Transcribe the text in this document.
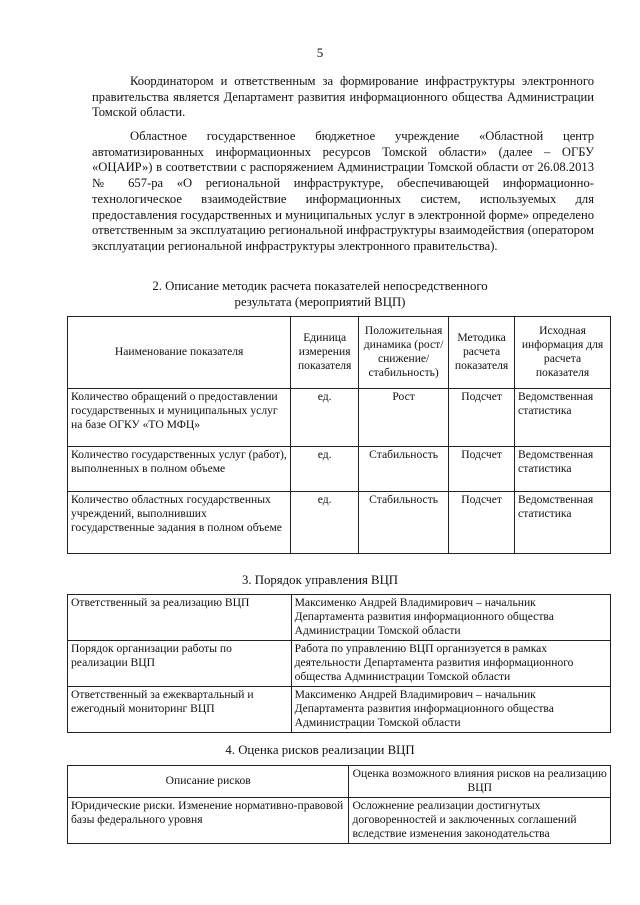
5
Координатором и ответственным за формирование инфраструктуры электронного правительства является Департамент развития информационного общества Администрации Томской области.
Областное государственное бюджетное учреждение «Областной центр автоматизированных информационных ресурсов Томской области» (далее – ОГБУ «ОЦАИР») в соответствии с распоряжением Администрации Томской области от 26.08.2013 № 657-ра «О региональной инфраструктуре, обеспечивающей информационно-технологическое взаимодействие информационных систем, используемых для предоставления государственных и муниципальных услуг в электронной форме» определено ответственным за эксплуатацию региональной инфраструктуры взаимодействия (оператором эксплуатации региональной инфраструктуры электронного правительства).
2. Описание методик расчета показателей непосредственного
результата (мероприятий ВЦП)
Наименование показателя	Единица измерения показателя	Положительная динамика (рост/ снижение/ стабильность)	Методика расчета показателя	Исходная информация для расчета показателя
Количество обращений о предоставлении государственных и муниципальных услуг на базе ОГКУ «ТО МФЦ»	ед.	Рост	Подсчет	Ведомственная статистика
Количество государственных услуг (работ), выполненных в полном объеме	ед.	Стабильность	Подсчет	Ведомственная статистика
Количество областных государственных учреждений, выполнивших государственные задания в полном объеме	ед.	Стабильность	Подсчет	Ведомственная статистика
3. Порядок управления ВЦП
Ответственный за реализацию ВЦП	Максименко Андрей Владимирович – начальник Департамента развития информационного общества Администрации Томской области
Порядок организации работы по реализации ВЦП	Работа по управлению ВЦП организуется в рамках деятельности Департамента развития информационного общества Администрации Томской области
Ответственный за ежеквартальный и ежегодный мониторинг ВЦП	Максименко Андрей Владимирович – начальник Департамента развития информационного общества Администрации Томской области
4. Оценка рисков реализации ВЦП
Описание рисков	Оценка возможного влияния рисков на реализацию ВЦП
Юридические риски. Изменение нормативно-правовой базы федерального уровня	Осложнение реализации достигнутых договоренностей и заключенных соглашений вследствие изменения законодательства
